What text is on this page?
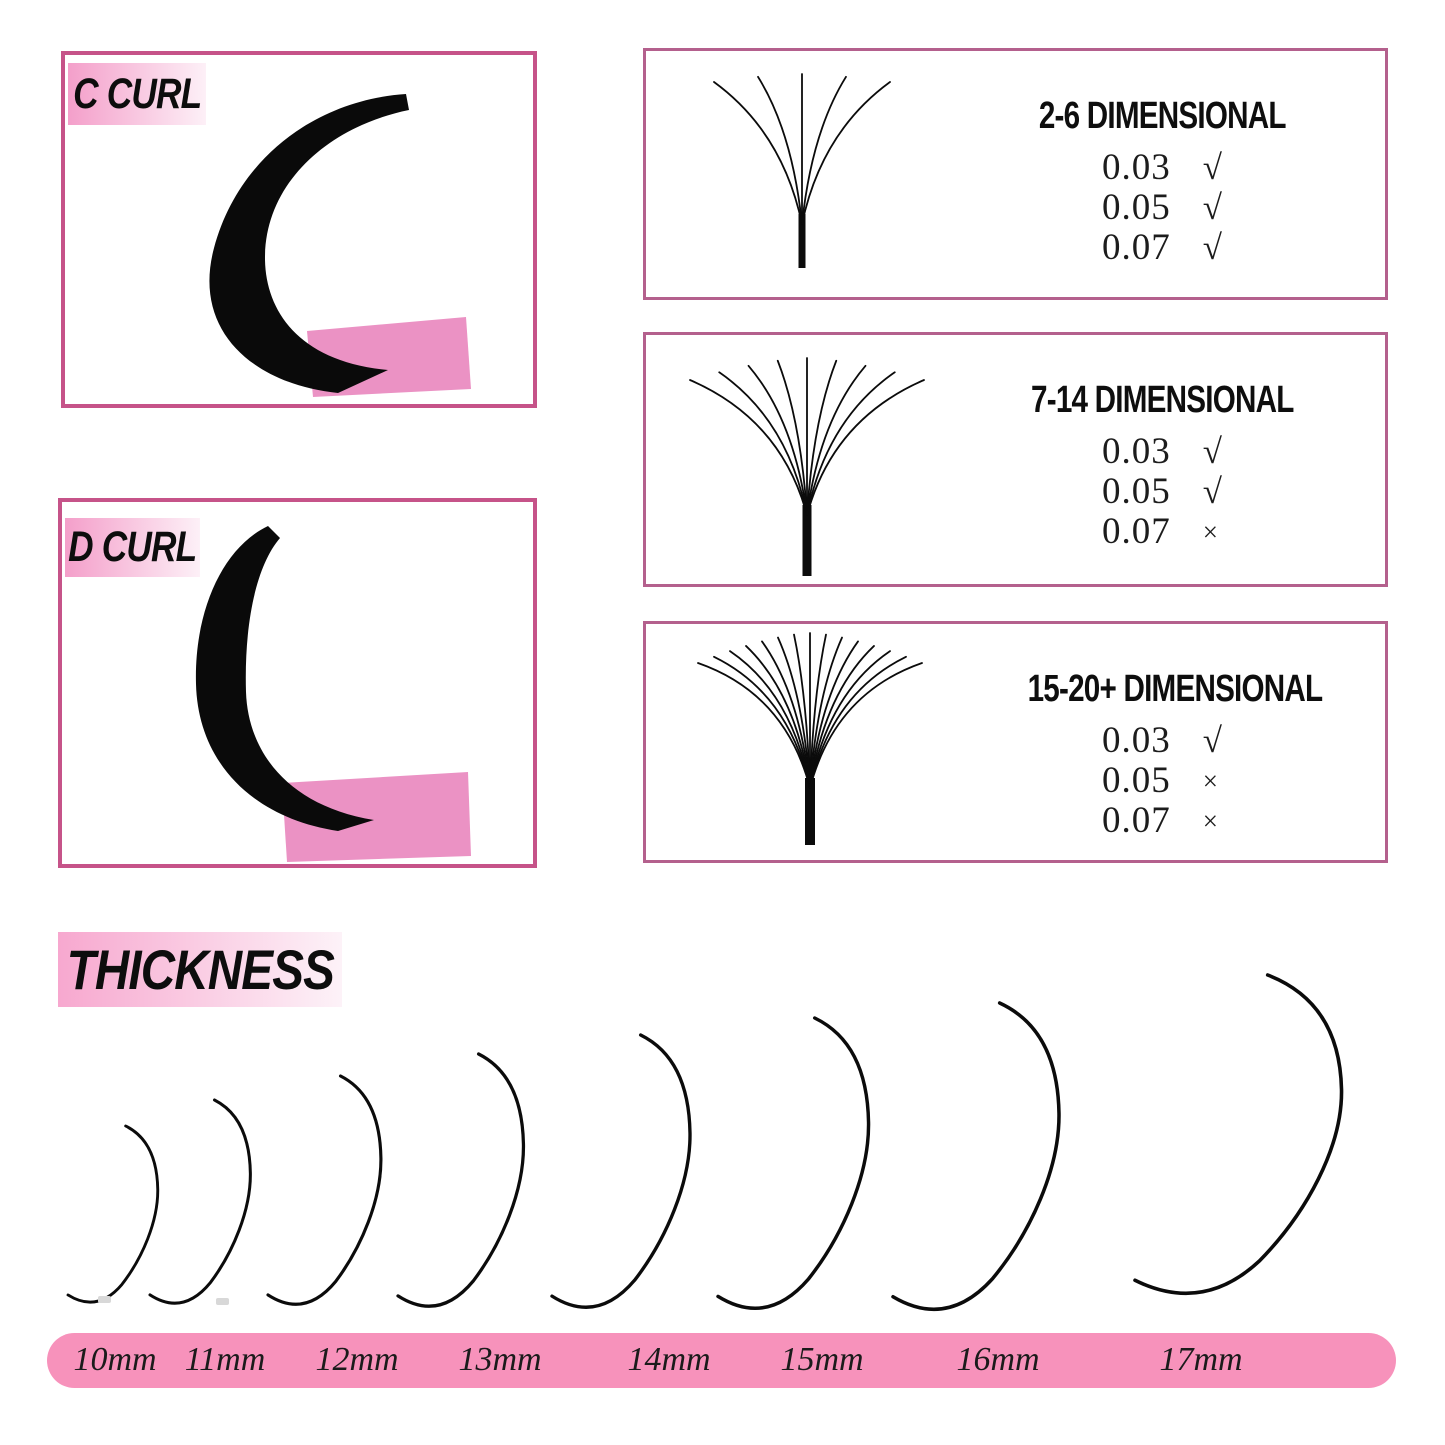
C CURL
D CURL
2-6 DIMENSIONAL
0.03 √
0.05 √
0.07 √
7-14 DIMENSIONAL
0.03 √
0.05 √
0.07 ×
15-20+ DIMENSIONAL
0.03 √
0.05 ×
0.07 ×
THICKNESS
10mm 11mm 12mm 13mm	14mm 15mm	16mm	17mm
